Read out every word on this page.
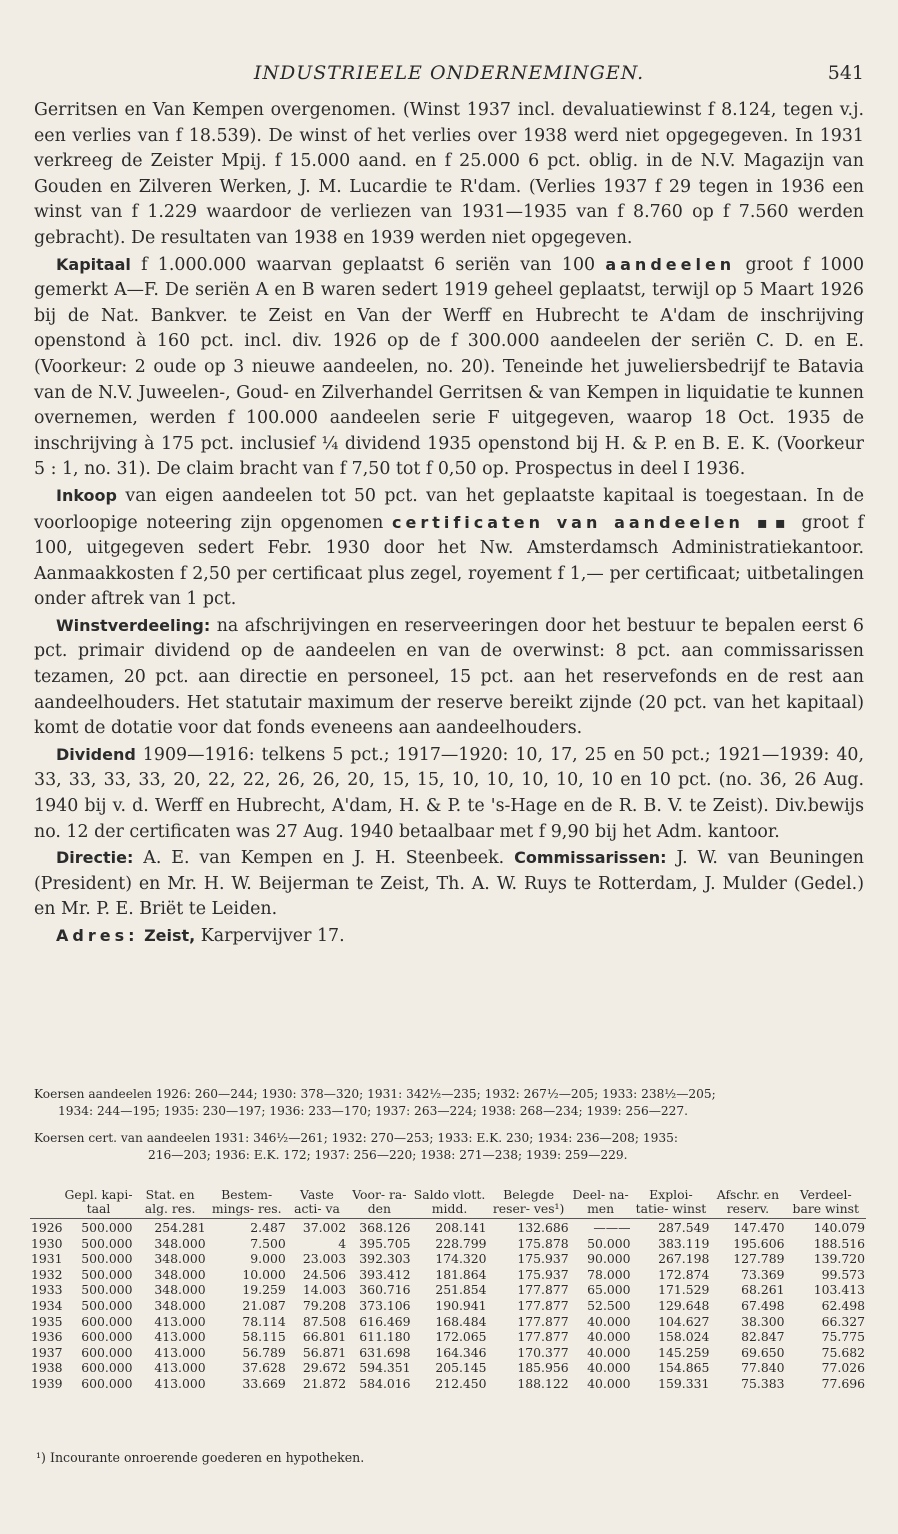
INDUSTRIEELE ONDERNEMINGEN.	541

Gerritsen en Van Kempen overgenomen. (Winst 1937 incl. devaluatiewinst f 8.124, tegen v.j. een verlies van f 18.539). De winst of het verlies over 1938 werd niet opgegegeven. In 1931 verkreeg de Zeister Mpij. f 15.000 aand. en f 25.000 6 pct. oblig. in de N.V. Magazijn van Gouden en Zilveren Werken, J. M. Lucardie te R'dam. (Verlies 1937 f 29 tegen in 1936 een winst van f 1.229 waardoor de verliezen van 1931—1935 van f 8.760 op f 7.560 werden gebracht). De resultaten van 1938 en 1939 werden niet opgegeven.

Kapitaal f 1.000.000 waarvan geplaatst 6 seriën van 100 aandeelen groot f 1000 gemerkt A—F. De seriën A en B waren sedert 1919 geheel geplaatst, terwijl op 5 Maart 1926 bij de Nat. Bankver. te Zeist en Van der Werff en Hubrecht te A'dam de inschrijving openstond à 160 pct. incl. div. 1926 op de f 300.000 aandeelen der seriën C. D. en E. (Voorkeur: 2 oude op 3 nieuwe aandeelen, no. 20). Teneinde het juweliersbedrijf te Batavia van de N.V. Juweelen-, Goud- en Zilverhandel Gerritsen & van Kempen in liquidatie te kunnen overnemen, werden f 100.000 aandeelen serie F uitgegeven, waarop 18 Oct. 1935 de inschrijving à 175 pct. inclusief ¼ dividend 1935 openstond bij H. & P. en B. E. K. (Voorkeur 5 : 1, no. 31). De claim bracht van f 7,50 tot f 0,50 op. Prospectus in deel I 1936.

Inkoop van eigen aandeelen tot 50 pct. van het geplaatste kapitaal is toegestaan. In de voorloopige noteering zijn opgenomen certificaten van aandeelen ▪▪ groot f 100, uitgegeven sedert Febr. 1930 door het Nw. Amsterdamsch Administratiekantoor. Aanmaakkosten f 2,50 per certificaat plus zegel, royement f 1,— per certificaat; uitbetalingen onder aftrek van 1 pct.

Winstverdeeling: na afschrijvingen en reserveeringen door het bestuur te bepalen eerst 6 pct. primair dividend op de aandeelen en van de overwinst: 8 pct. aan commissarissen tezamen, 20 pct. aan directie en personeel, 15 pct. aan het reservefonds en de rest aan aandeelhouders. Het statutair maximum der reserve bereikt zijnde (20 pct. van het kapitaal) komt de dotatie voor dat fonds eveneens aan aandeelhouders.

Dividend 1909—1916: telkens 5 pct.; 1917—1920: 10, 17, 25 en 50 pct.; 1921—1939: 40, 33, 33, 33, 33, 20, 22, 22, 26, 26, 20, 15, 15, 10, 10, 10, 10, 10 en 10 pct. (no. 36, 26 Aug. 1940 bij v. d. Werff en Hubrecht, A'dam, H. & P. te 's-Hage en de R. B. V. te Zeist). Div.bewijs no. 12 der certificaten was 27 Aug. 1940 betaalbaar met f 9,90 bij het Adm. kantoor.

Directie: A. E. van Kempen en J. H. Steenbeek. Commissarissen: J. W. van Beuningen (President) en Mr. H. W. Beijerman te Zeist, Th. A. W. Ruys te Rotterdam, J. Mulder (Gedel.) en Mr. P. E. Briët te Leiden.

Adres: Zeist, Karpervijver 17.

Koersen aandeelen 1926: 260—244; 1930: 378—320; 1931: 342½—235; 1932: 267½—205; 1933: 238½—205;
1934: 244—195; 1935: 230—197; 1936: 233—170; 1937: 263—224; 1938: 268—234; 1939: 256—227.
Koersen cert. van aandeelen 1931: 346½—261; 1932: 270—253; 1933: E.K. 230; 1934: 236—208; 1935:
216—203; 1936: E.K. 172; 1937: 256—220; 1938: 271—238; 1939: 259—229.
	Gepl. kapi- taal	Stat. en alg. res.	Bestem- mings- res.	Vaste acti- va	Voor- ra- den	Saldo vlott. midd.	Belegde reser- ves¹)	Deel- na- men	Exploi- tatie- winst	Afschr. en reserv.	Verdeel- bare winst
1926	500.000	254.281	2.487	37.002	368.126	208.141	132.686	———	287.549	147.470	140.079
1930	500.000	348.000	7.500	4	395.705	228.799	175.878	50.000	383.119	195.606	188.516
1931	500.000	348.000	9.000	23.003	392.303	174.320	175.937	90.000	267.198	127.789	139.720
1932	500.000	348.000	10.000	24.506	393.412	181.864	175.937	78.000	172.874	73.369	99.573
1933	500.000	348.000	19.259	14.003	360.716	251.854	177.877	65.000	171.529	68.261	103.413
1934	500.000	348.000	21.087	79.208	373.106	190.941	177.877	52.500	129.648	67.498	62.498
1935	600.000	413.000	78.114	87.508	616.469	168.484	177.877	40.000	104.627	38.300	66.327
1936	600.000	413.000	58.115	66.801	611.180	172.065	177.877	40.000	158.024	82.847	75.775
1937	600.000	413.000	56.789	56.871	631.698	164.346	170.377	40.000	145.259	69.650	75.682
1938	600.000	413.000	37.628	29.672	594.351	205.145	185.956	40.000	154.865	77.840	77.026
1939	600.000	413.000	33.669	21.872	584.016	212.450	188.122	40.000	159.331	75.383	77.696
¹) Incourante onroerende goederen en hypotheken.
